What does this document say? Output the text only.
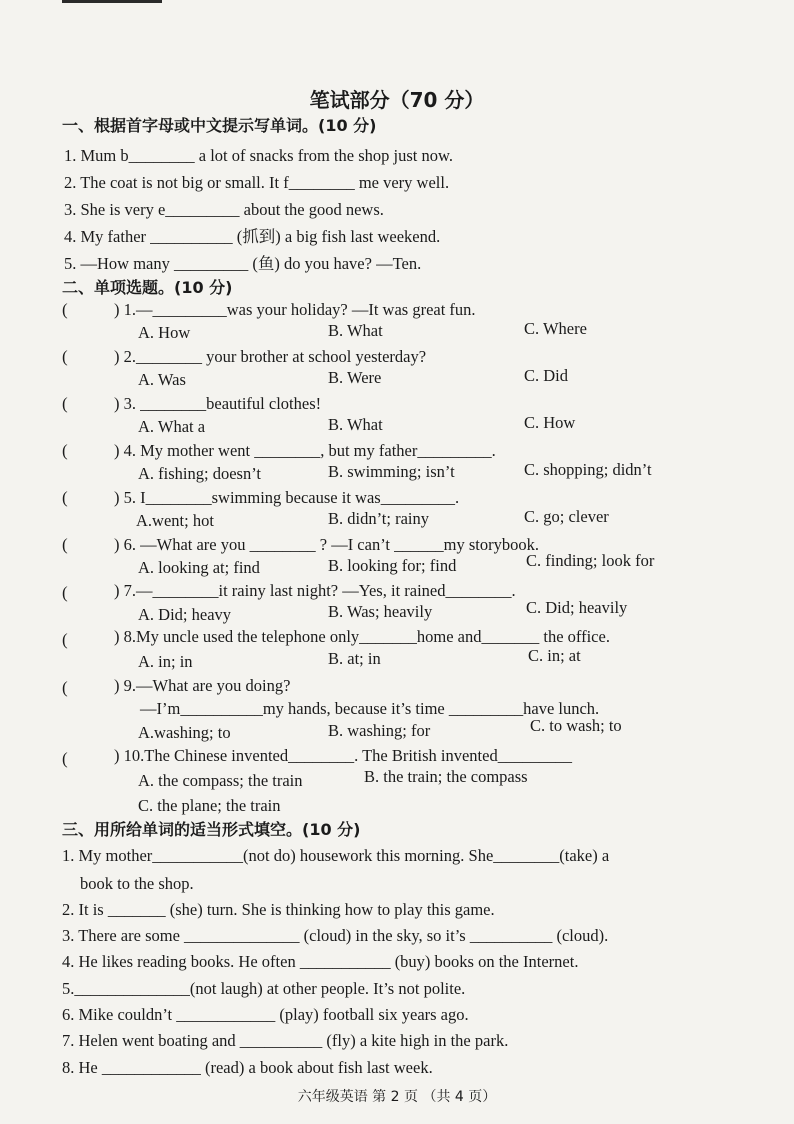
笔试部分（70 分）
一、根据首字母或中文提示写单词。(10 分)
1. Mum b________ a lot of snacks from the shop just now.
2. The coat is not big or small. It f________ me very well.
3. She is very e_________ about the good news.
4. My father __________ (抓到) a big fish last weekend.
5. —How many _________ (鱼) do you have? —Ten.
二、单项选题。(10 分)
(	) 1.—_________was your holiday? —It was great fun.
A. How	B. What	C. Where
(	) 2.________ your brother at school yesterday?
A. Was	B. Were	C. Did
(	) 3. ________beautiful clothes!
A. What a	B. What	C. How
(	) 4. My mother went ________, but my father_________.
A. fishing; doesn’t	B. swimming; isn’t	C. shopping; didn’t
(	) 5. I________swimming because it was_________.
A.went; hot	B. didn’t; rainy	C. go; clever
(	) 6. —What are you ________ ? —I can’t ______my storybook.
A. looking at; find	B. looking for; find	C. finding; look for
(	) 7.—________it rainy last night? —Yes, it rained________.
A. Did; heavy	B. Was; heavily	C. Did; heavily
(	) 8.My uncle used the telephone only_______home and_______ the office.
A. in; in	B. at; in	C. in; at
(	) 9.—What are you doing?
—I’m__________my hands, because it’s time _________have lunch.
A.washing; to	B. washing; for	C. to wash; to
(	) 10.The Chinese invented________. The British invented_________
A. the compass; the train	B. the train; the compass
C. the plane; the train
三、用所给单词的适当形式填空。(10 分)
1. My mother___________(not do) housework this morning. She________(take) a
book to the shop.
2. It is _______ (she) turn. She is thinking how to play this game.
3. There are some ______________ (cloud) in the sky, so it’s __________ (cloud).
4. He likes reading books. He often ___________ (buy) books on the Internet.
5.______________(not laugh) at other people. It’s not polite.
6. Mike couldn’t ____________ (play) football six years ago.
7. Helen went boating and __________ (fly) a kite high in the park.
8. He ____________ (read) a book about fish last week.
六年级英语 第 2 页 （共 4 页）
